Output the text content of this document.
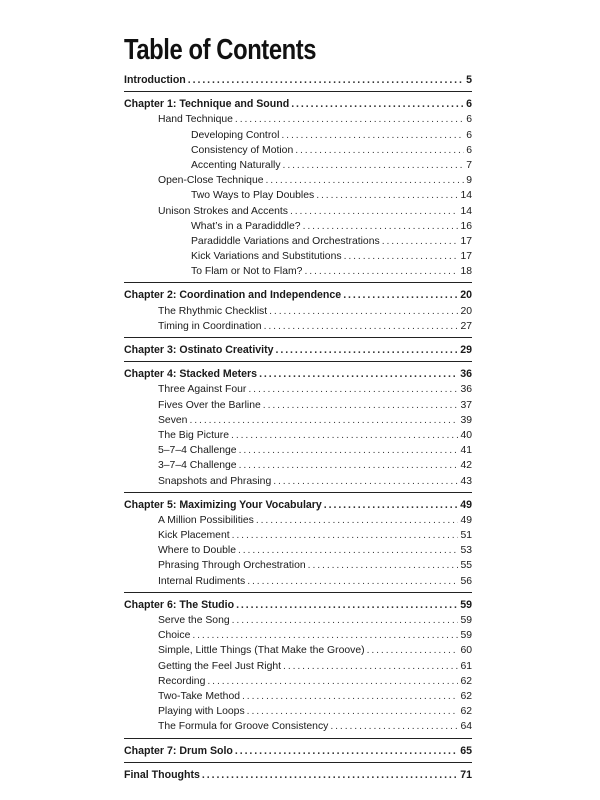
Table of Contents
Introduction .....	5
Chapter 1: Technique and Sound .....	6
Hand Technique .....	6
Developing Control .....	6
Consistency of Motion .....	6
Accenting Naturally .....	7
Open-Close Technique .....	9
Two Ways to Play Doubles .....	14
Unison Strokes and Accents .....	14
What’s in a Paradiddle? .....	16
Paradiddle Variations and Orchestrations .....	17
Kick Variations and Substitutions .....	17
To Flam or Not to Flam? .....	18
Chapter 2: Coordination and Independence .....	20
The Rhythmic Checklist .....	20
Timing in Coordination .....	27
Chapter 3: Ostinato Creativity .....	29
Chapter 4: Stacked Meters .....	36
Three Against Four .....	36
Fives Over the Barline .....	37
Seven .....	39
The Big Picture .....	40
5–7–4 Challenge .....	41
3–7–4 Challenge .....	42
Snapshots and Phrasing .....	43
Chapter 5: Maximizing Your Vocabulary .....	49
A Million Possibilities .....	49
Kick Placement .....	51
Where to Double .....	53
Phrasing Through Orchestration .....	55
Internal Rudiments .....	56
Chapter 6: The Studio .....	59
Serve the Song .....	59
Choice .....	59
Simple, Little Things (That Make the Groove) .....	60
Getting the Feel Just Right .....	61
Recording .....	62
Two-Take Method .....	62
Playing with Loops .....	62
The Formula for Groove Consistency .....	64
Chapter 7: Drum Solo .....	65
Final Thoughts .....	71
